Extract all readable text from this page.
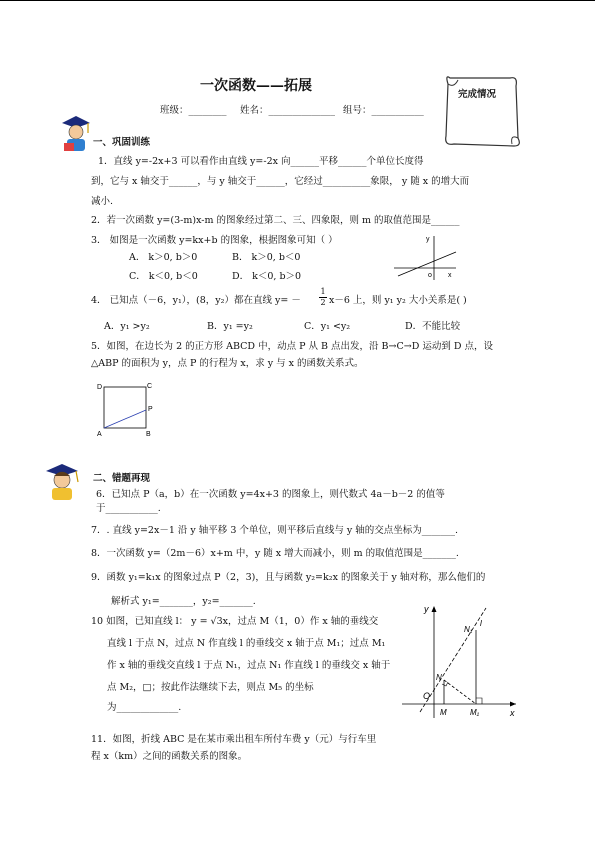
一次函数——拓展
班级：________ 姓名：______________ 组号：___________
完成情况
一、巩固训练
1．直线 y=-2x+3 可以看作由直线 y=-2x 向______平移______个单位长度得
到，它与 x 轴交于______，与 y 轴交于______，它经过__________象限， y 随 x 的增大而
减小.
2．若一次函数 y=(3-m)x-m 的图象经过第二、三、四象限，则 m 的取值范围是______
3． 如图是一次函数 y=kx+b 的图象，根据图象可知（ ）
A． k＞0, b＞0	B． k＞0, b＜0
C． k＜0, b＜0	D． k＜0, b＞0
y
x
o
4． 已知点（－6，y₁），(8，y₂）都在直线 $y= - \frac{1}{2} x-6$ 上，则 y₁ y₂ 大小关系是( )
A．y₁ >y₂	B．y₁ =y₂	C．y₁ <y₂	D．不能比较
5．如图，在边长为 2 的正方形 ABCD 中，动点 P 从 B 点出发，沿 B→C→D 运动到 D 点，设
△ABP 的面积为 y，点 P 的行程为 x，求 y 与 x 的函数关系式。
D	C
P
A	B
二、错题再现
6．已知点 P（a，b）在一次函数 y=4x+3 的图象上，则代数式 4a－b－2 的值等
于___________.
7．. 直线 y=2x－1 沿 y 轴平移 3 个单位，则平移后直线与 y 轴的交点坐标为_______.
8．一次函数 y=（2m－6）x+m 中，y 随 x 增大而减小，则 m 的取值范围是_______.
9．函数 y₁=k₁x 的图象过点 P（2，3)，且与函数 y₂=k₂x 的图象关于 y 轴对称，那么他们的
解析式 y₁=_______，y₂=_______.
10 如图，已知直线 l： y = √3x，过点 M（1，0）作 x 轴的垂线交
直线 l 于点 N，过点 N 作直线 l 的垂线交 x 轴于点 M₁；过点 M₁
作 x 轴的垂线交直线 l 于点 N₁，过点 N₁ 作直线 l 的垂线交 x 轴于
点 M₂，□；按此作法继续下去，则点 M₅ 的坐标
为_____________.
y
x
O
N
N₁
M	M₁
l
11．如图，折线 ABC 是在某市乘出租车所付车费 y（元）与行车里
程 x（km）之间的函数关系的图象。
